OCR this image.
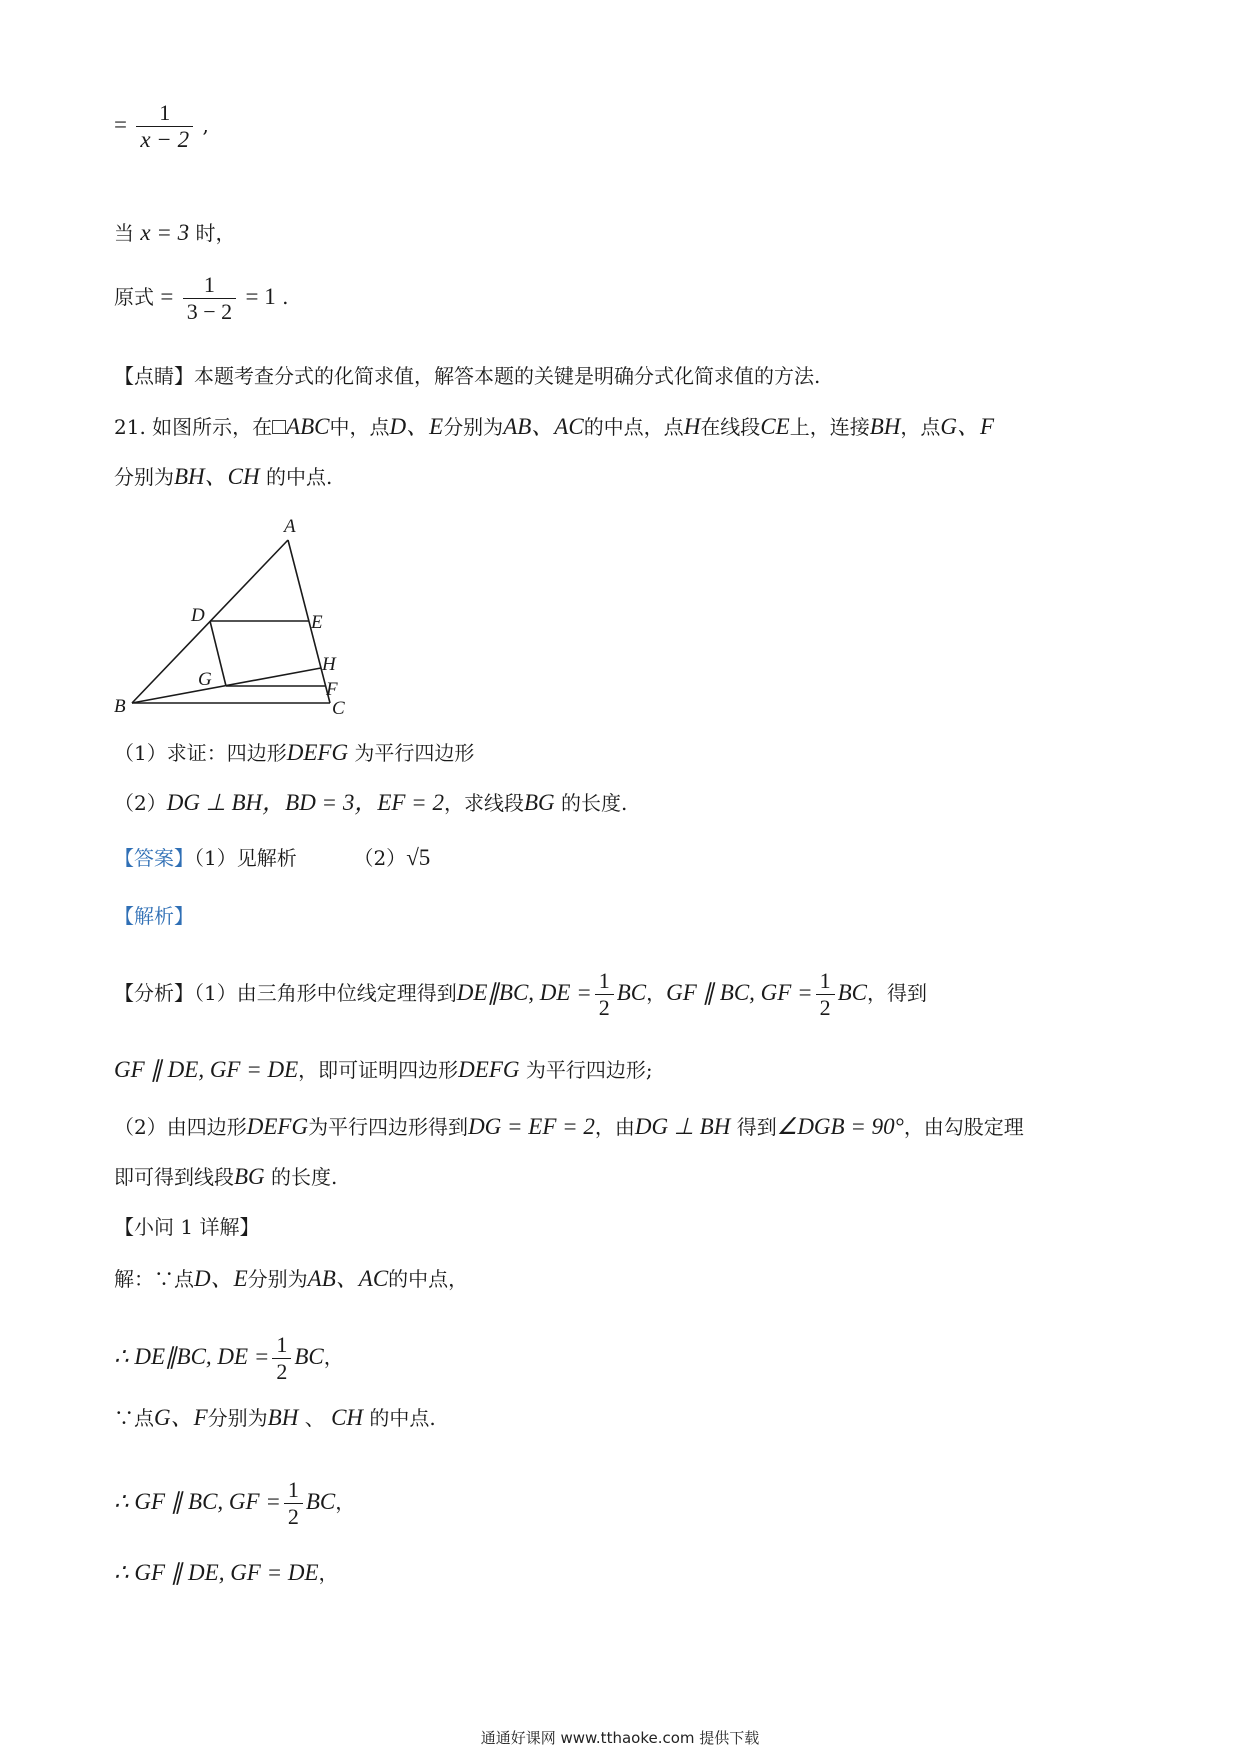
= $\frac{1}{x - 2}$ ,
当 x = 3 时，
原式 = $\frac{1}{3 - 2} = 1$ .
【点睛】本题考查分式的化简求值，解答本题的关键是明确分式化简求值的方法.
21. 如图所示，在□ABC中，点D、E分别为AB、AC的中点，点H在线段CE上，连接BH，点G、F
分别为BH、CH 的中点.
A
B	C
D	E
F
G
H
（1）求证：四边形DEFG 为平行四边形
（2）DG ⊥ BH，BD = 3，EF = 2，求线段BG 的长度.
【答案】（1）见解析	（2）√5
【解析】
【分析】（1）由三角形中位线定理得到DE∥BC, DE = $\frac{1}{2}$ BC，GF ∥ BC, GF = $\frac{1}{2}$ BC，得到
GF ∥ DE, GF = DE，即可证明四边形DEFG 为平行四边形;
（2）由四边形DEFG为平行四边形得到DG = EF = 2，由DG ⊥ BH 得到∠DGB = 90°，由勾股定理
即可得到线段BG 的长度.
【小问 1 详解】
解：∵点D、E分别为AB、AC的中点，
∴ DE∥BC, DE = $\frac{1}{2}$ BC，
∵点G、F分别为BH 、 CH 的中点.
∴ GF ∥ BC, GF = $\frac{1}{2}$ BC，
∴ GF ∥ DE, GF = DE，
通通好课网 www.tthaoke.com 提供下载
